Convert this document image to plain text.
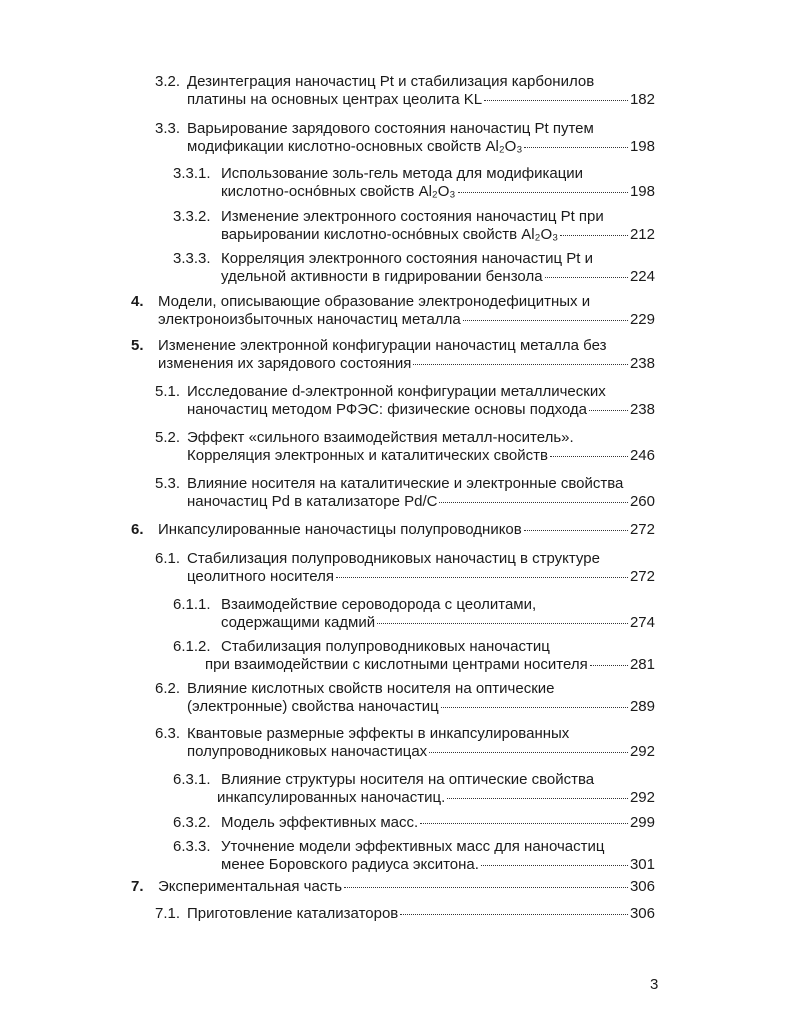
3.2. Дезинтеграция наночастиц Pt и стабилизация карбонилов
платины на основных центрах цеолита KL	182
3.3. Варьирование зарядового состояния наночастиц Pt путем
модификации кислотно-основных свойств Al₂O₃	198
3.3.1. Использование золь-гель метода для модификации
кислотно-оснóвных свойств Al₂O₃	198
3.3.2. Изменение электронного состояния наночастиц Pt при
варьировании кислотно-оснóвных свойств Al₂O₃	212
3.3.3. Корреляция электронного состояния наночастиц Pt и
удельной активности в гидрировании бензола	224
4. Модели, описывающие образование электронодефицитных и
электроноизбыточных наночастиц металла	229
5. Изменение электронной конфигурации наночастиц металла без
изменения их зарядового состояния	238
5.1. Исследование d-электронной конфигурации металлических
наночастиц методом РФЭС: физические основы подхода	238
5.2. Эффект «сильного взаимодействия металл-носитель».
Корреляция электронных и каталитических свойств	246
5.3. Влияние носителя на каталитические и электронные свойства
наночастиц Pd в катализаторе Pd/C	260
6. Инкапсулированные наночастицы полупроводников	272
6.1. Стабилизация полупроводниковых наночастиц в структуре
цеолитного носителя	272
6.1.1. Взаимодействие сероводорода с цеолитами,
содержащими кадмий	274
6.1.2. Стабилизация полупроводниковых наночастиц
при взаимодействии с кислотными центрами носителя	281
6.2. Влияние кислотных свойств носителя на оптические
(электронные) свойства наночастиц	289
6.3. Квантовые размерные эффекты в инкапсулированных
полупроводниковых наночастицах	292
6.3.1. Влияние структуры носителя на оптические свойства
инкапсулированных наночастиц.	292
6.3.2. Модель эффективных масс.	299
6.3.3. Уточнение модели эффективных масс для наночастиц
менее Боровского радиуса экситона.	301
7. Экспериментальная часть	306
7.1. Приготовление катализаторов	306
3
